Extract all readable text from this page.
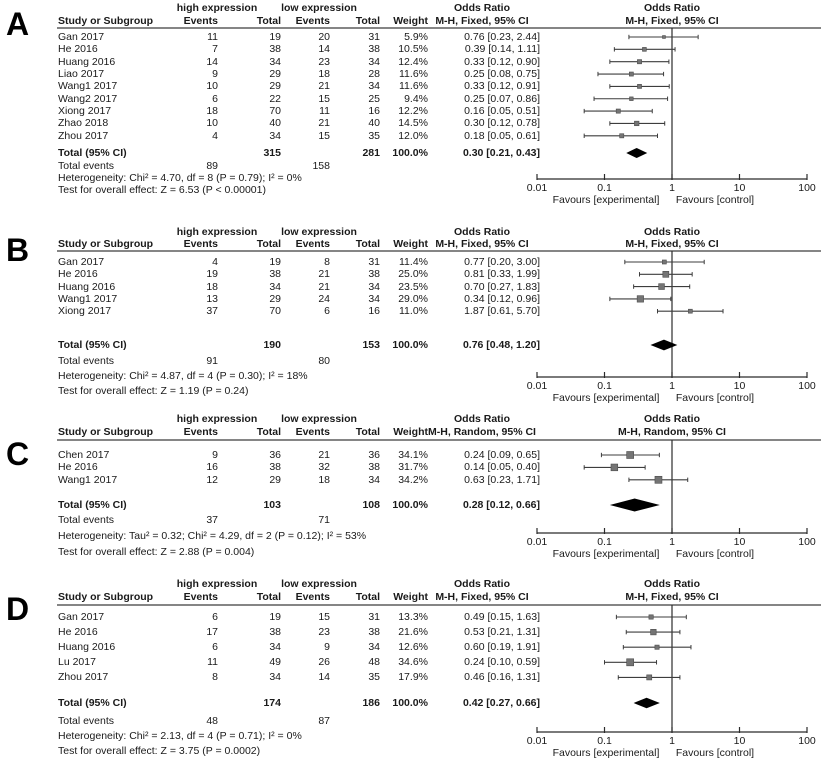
A	high expression	low expression	Odds Ratio	Odds Ratio
Study or Subgroup	Events	Total	Events	Total	Weight M-H, Fixed, 95% CI	M-H, Fixed, 95% CI
Gan 2017	11	19	20	31	5.9%	0.76 [0.23, 2.44]
He 2016	7	38	14	38	10.5%	0.39 [0.14, 1.11]
Huang 2016	14	34	23	34	12.4%	0.33 [0.12, 0.90]
Liao 2017	9	29	18	28	11.6%	0.25 [0.08, 0.75]
Wang1 2017	10	29	21	34	11.6%	0.33 [0.12, 0.91]
Wang2 2017	6	22	15	25	9.4%	0.25 [0.07, 0.86]
Xiong 2017	18	70	11	16	12.2%	0.16 [0.05, 0.51]
Zhao 2018	10	40	21	40	14.5%	0.30 [0.12, 0.78]
Zhou 2017	4	34	15	35	12.0%	0.18 [0.05, 0.61]
Total (95% CI)	315	281	100.0%	0.30 [0.21, 0.43]
Total events	89	158
Heterogeneity: Chi² = 4.70, df = 8 (P = 0.79); I² = 0%
Test for overall effect: Z = 6.53 (P < 0.00001)	0.01	0.1	1	10	100
Favours [experimental]	Favours [control]
B	high expression	low expression	Odds Ratio	Odds Ratio
Study or Subgroup	Events	Total	Events	Total	Weight M-H, Fixed, 95% CI	M-H, Fixed, 95% CI
Gan 2017	4	19	8	31	11.4%	0.77 [0.20, 3.00]
He 2016	19	38	21	38	25.0%	0.81 [0.33, 1.99]
Huang 2016	18	34	21	34	23.5%	0.70 [0.27, 1.83]
Wang1 2017	13	29	24	34	29.0%	0.34 [0.12, 0.96]
Xiong 2017	37	70	6	16	11.0%	1.87 [0.61, 5.70]
Total (95% CI)	190	153	100.0%	0.76 [0.48, 1.20]
Total events	91	80
Heterogeneity: Chi² = 4.87, df = 4 (P = 0.30); I² = 18%
Test for overall effect: Z = 1.19 (P = 0.24)	0.01	0.1	1	10	100
Favours [experimental]	Favours [control]
C
high expression	low expression	Odds Ratio	Odds Ratio
Study or Subgroup	Events	Total	Events	Total	Weight M-H, Random, 95% CI	M-H, Random, 95% CI
Chen 2017	9	36	21	36	34.1%	0.24 [0.09, 0.65]
He 2016	16	38	32	38	31.7%	0.14 [0.05, 0.40]
Wang1 2017	12	29	18	34	34.2%	0.63 [0.23, 1.71]
Total (95% CI)	103	108	100.0%	0.28 [0.12, 0.66]
Total events	37	71
Heterogeneity: Tau² = 0.32; Chi² = 4.29, df = 2 (P = 0.12); I² = 53%
Test for overall effect: Z = 2.88 (P = 0.004)
0.01	0.1	1	10	100
Favours [experimental]	Favours [control]
D
high expression	low expression	Odds Ratio	Odds Ratio
Study or Subgroup	Events	Total	Events	Total	Weight M-H, Fixed, 95% CI	M-H, Fixed, 95% CI
Gan 2017	6	19	15	31	13.3%	0.49 [0.15, 1.63]
He 2016	17	38	23	38	21.6%	0.53 [0.21, 1.31]
Huang 2016	6	34	9	34	12.6%	0.60 [0.19, 1.91]
Lu 2017	11	49	26	48	34.6%	0.24 [0.10, 0.59]
Zhou 2017	8	34	14	35	17.9%	0.46 [0.16, 1.31]
Total (95% CI)	174	186	100.0%	0.42 [0.27, 0.66]
Total events	48	87
Heterogeneity: Chi² = 2.13, df = 4 (P = 0.71); I² = 0%
Test for overall effect: Z = 3.75 (P = 0.0002)
0.01	0.1	1	10	100
Favours [experimental]	Favours [control]
